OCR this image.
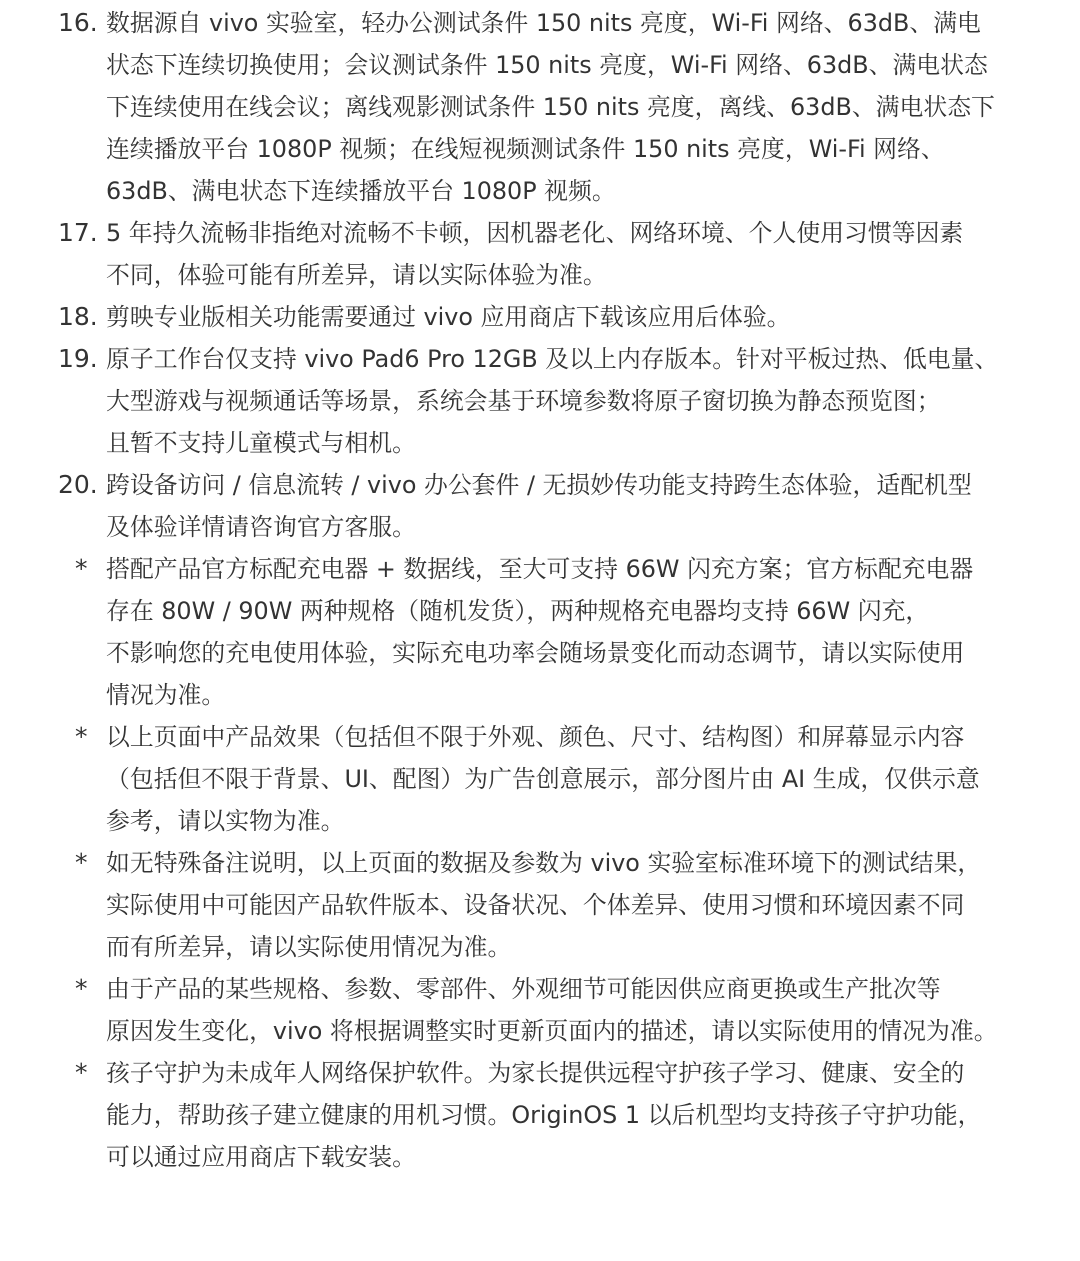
16. 数据源自 vivo 实验室，轻办公测试条件 150 nits 亮度，Wi-Fi 网络、63dB、满电
状态下连续切换使用；会议测试条件 150 nits 亮度，Wi-Fi 网络、63dB、满电状态
下连续使用在线会议；离线观影测试条件 150 nits 亮度，离线、63dB、满电状态下
连续播放平台 1080P 视频；在线短视频测试条件 150 nits 亮度，Wi-Fi 网络、
63dB、满电状态下连续播放平台 1080P 视频。
17. 5 年持久流畅非指绝对流畅不卡顿，因机器老化、网络环境、个人使用习惯等因素
不同，体验可能有所差异，请以实际体验为准。
18. 剪映专业版相关功能需要通过 vivo 应用商店下载该应用后体验。
19. 原子工作台仅支持 vivo Pad6 Pro 12GB 及以上内存版本。针对平板过热、低电量、
大型游戏与视频通话等场景，系统会基于环境参数将原子窗切换为静态预览图；
且暂不支持儿童模式与相机。
20. 跨设备访问 / 信息流转 / vivo 办公套件 / 无损妙传功能支持跨生态体验，适配机型
及体验详情请咨询官方客服。
* 搭配产品官方标配充电器 + 数据线，至大可支持 66W 闪充方案；官方标配充电器
存在 80W / 90W 两种规格（随机发货），两种规格充电器均支持 66W 闪充，
不影响您的充电使用体验，实际充电功率会随场景变化而动态调节，请以实际使用
情况为准。
* 以上页面中产品效果（包括但不限于外观、颜色、尺寸、结构图）和屏幕显示内容
（包括但不限于背景、UI、配图）为广告创意展示，部分图片由 AI 生成，仅供示意
参考，请以实物为准。
* 如无特殊备注说明，以上页面的数据及参数为 vivo 实验室标准环境下的测试结果，
实际使用中可能因产品软件版本、设备状况、个体差异、使用习惯和环境因素不同
而有所差异，请以实际使用情况为准。
* 由于产品的某些规格、参数、零部件、外观细节可能因供应商更换或生产批次等
原因发生变化，vivo 将根据调整实时更新页面内的描述，请以实际使用的情况为准。
* 孩子守护为未成年人网络保护软件。为家长提供远程守护孩子学习、健康、安全的
能力，帮助孩子建立健康的用机习惯。OriginOS 1 以后机型均支持孩子守护功能，
可以通过应用商店下载安装。
